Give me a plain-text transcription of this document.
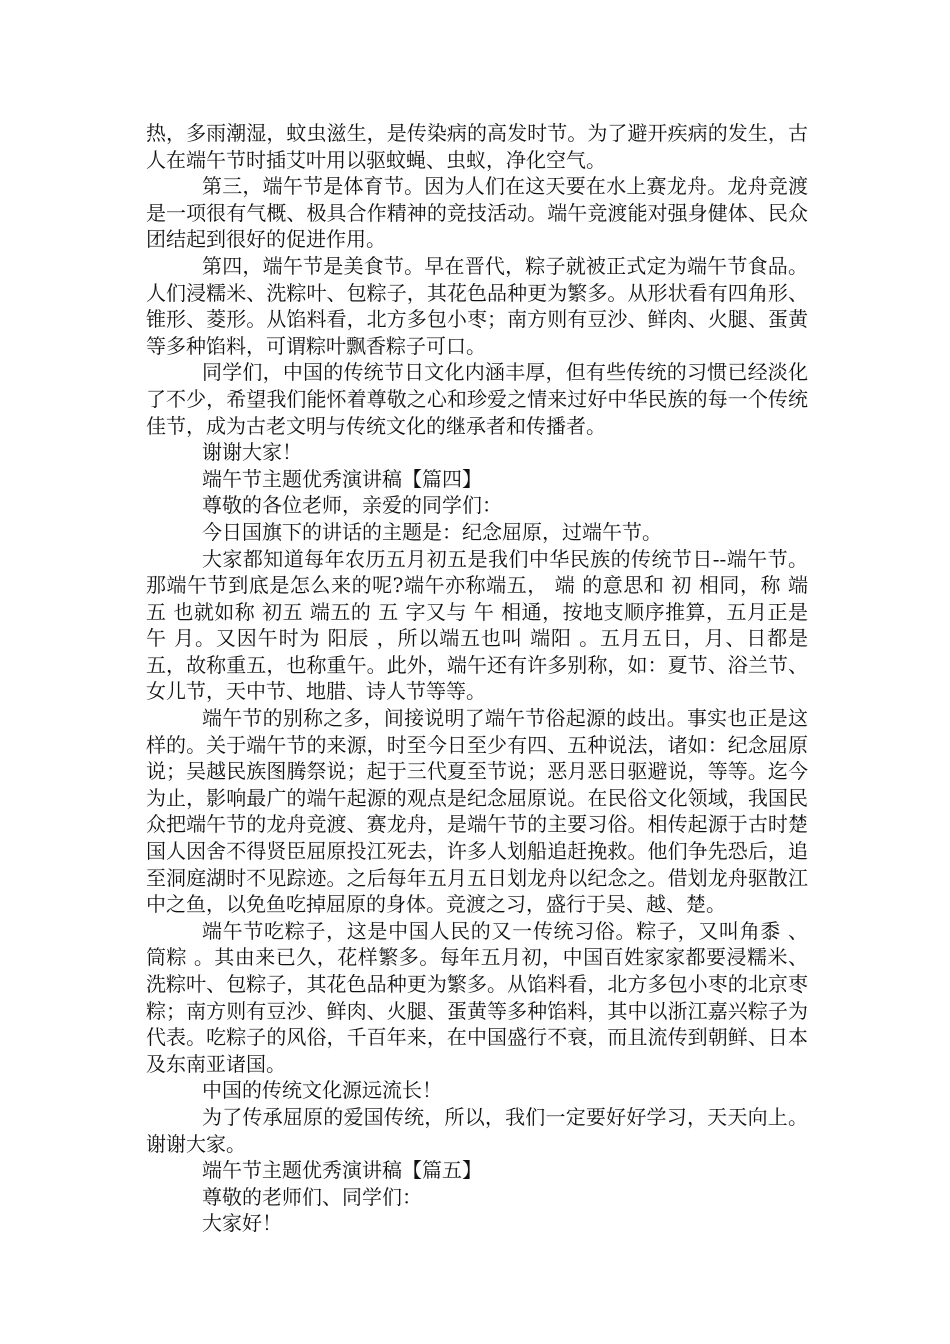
热，多雨潮湿，蚊虫滋生，是传染病的高发时节。为了避开疾病的发生，古人在端午节时插艾叶用以驱蚊蝇、虫蚁，净化空气。

第三，端午节是体育节。因为人们在这天要在水上赛龙舟。龙舟竞渡是一项很有气概、极具合作精神的竞技活动。端午竞渡能对强身健体、民众团结起到很好的促进作用。

第四，端午节是美食节。早在晋代，粽子就被正式定为端午节食品。人们浸糯米、洗粽叶、包粽子，其花色品种更为繁多。从形状看有四角形、锥形、菱形。从馅料看，北方多包小枣；南方则有豆沙、鲜肉、火腿、蛋黄等多种馅料，可谓粽叶飘香粽子可口。

同学们，中国的传统节日文化内涵丰厚，但有些传统的习惯已经淡化了不少，希望我们能怀着尊敬之心和珍爱之情来过好中华民族的每一个传统佳节，成为古老文明与传统文化的继承者和传播者。

谢谢大家！

端午节主题优秀演讲稿【篇四】

尊敬的各位老师，亲爱的同学们：

今日国旗下的讲话的主题是：纪念屈原，过端午节。

大家都知道每年农历五月初五是我们中华民族的传统节日--端午节。那端午节到底是怎么来的呢?端午亦称端五， 端 的意思和 初 相同，称 端五 也就如称 初五 端五的 五 字又与 午 相通，按地支顺序推算，五月正是 午 月。又因午时为 阳辰 ，所以端五也叫 端阳 。五月五日，月、日都是五，故称重五，也称重午。此外，端午还有许多别称，如：夏节、浴兰节、女儿节，天中节、地腊、诗人节等等。

端午节的别称之多，间接说明了端午节俗起源的歧出。事实也正是这样的。关于端午节的来源，时至今日至少有四、五种说法，诸如：纪念屈原说；吴越民族图腾祭说；起于三代夏至节说；恶月恶日驱避说，等等。迄今为止，影响最广的端午起源的观点是纪念屈原说。在民俗文化领域，我国民众把端午节的龙舟竞渡、赛龙舟，是端午节的主要习俗。相传起源于古时楚国人因舍不得贤臣屈原投江死去，许多人划船追赶挽救。他们争先恐后，追至洞庭湖时不见踪迹。之后每年五月五日划龙舟以纪念之。借划龙舟驱散江中之鱼，以免鱼吃掉屈原的身体。竞渡之习，盛行于吴、越、楚。

端午节吃粽子，这是中国人民的又一传统习俗。粽子，又叫角黍 、 筒粽 。其由来已久，花样繁多。每年五月初，中国百姓家家都要浸糯米、洗粽叶、包粽子，其花色品种更为繁多。从馅料看，北方多包小枣的北京枣粽；南方则有豆沙、鲜肉、火腿、蛋黄等多种馅料，其中以浙江嘉兴粽子为代表。吃粽子的风俗，千百年来，在中国盛行不衰，而且流传到朝鲜、日本及东南亚诸国。

中国的传统文化源远流长！

为了传承屈原的爱国传统，所以，我们一定要好好学习，天天向上。谢谢大家。

端午节主题优秀演讲稿【篇五】

尊敬的老师们、同学们：

大家好！
